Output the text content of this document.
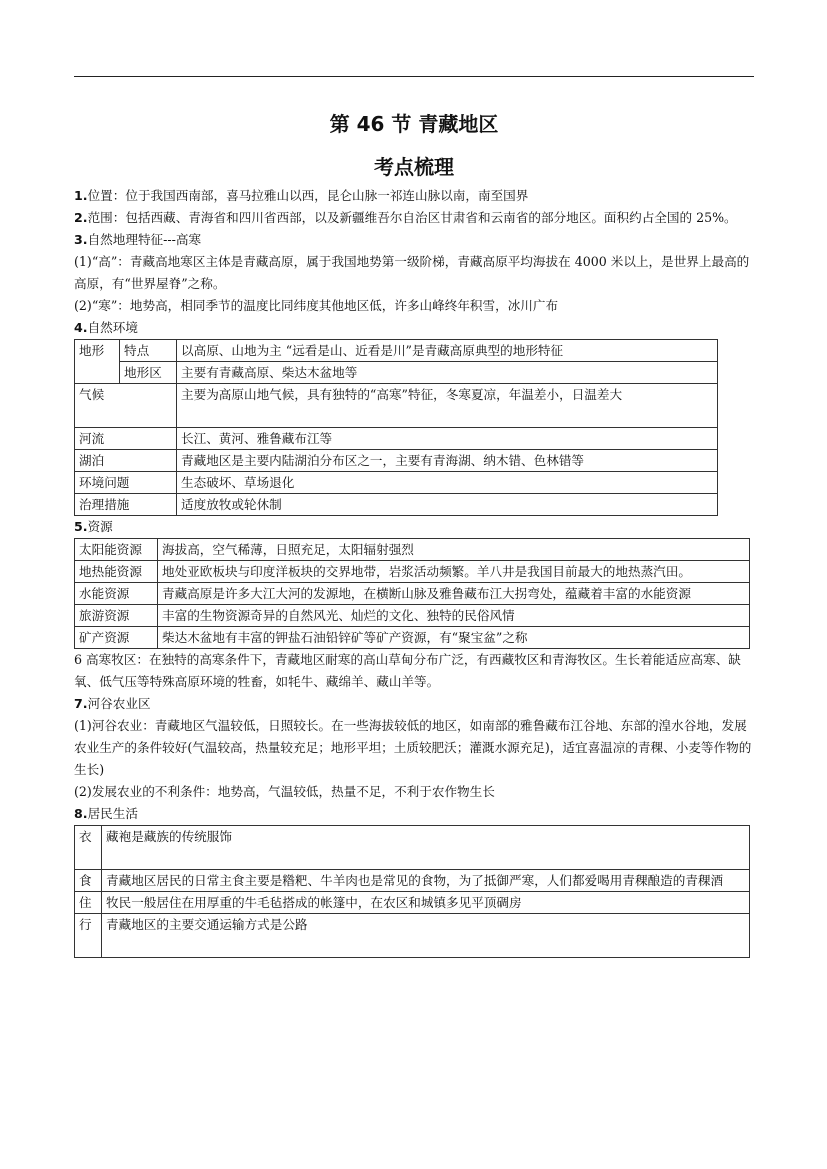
第 46 节 青藏地区
考点梳理

1.位置：位于我国西南部，喜马拉雅山以西，昆仑山脉一祁连山脉以南，南至国界

2.范围：包括西藏、青海省和四川省西部，以及新疆维吾尔自治区甘肃省和云南省的部分地区。面积约占全国的 25%。

3.自然地理特征---高寒

(1)“高”：青藏高地寒区主体是青藏高原，属于我国地势第一级阶梯，青藏高原平均海拔在 4000 米以上，是世界上最高的高原，有“世界屋脊”之称。

(2)“寒”：地势高，相同季节的温度比同纬度其他地区低，许多山峰终年积雪，冰川广布

4.自然环境

地形	特点	以高原、山地为主 “远看是山、近看是川”是青藏高原典型的地形特征
	地形区	主要有青藏高原、柴达木盆地等
气候		主要为高原山地气候，具有独特的“高寒”特征，冬寒夏凉，年温差小，日温差大
河流		长江、黄河、雅鲁藏布江等
湖泊		青藏地区是主要内陆湖泊分布区之一，主要有青海湖、纳木错、色林错等
环境问题		生态破坏、草场退化
治理措施		适度放牧或轮休制

5.资源

太阳能资源	海拔高，空气稀薄，日照充足，太阳辐射强烈
地热能资源	地处亚欧板块与印度洋板块的交界地带，岩浆活动频繁。羊八井是我国目前最大的地热蒸汽田。
水能资源	青藏高原是许多大江大河的发源地，在横断山脉及雅鲁藏布江大拐弯处，蕴藏着丰富的水能资源
旅游资源	丰富的生物资源奇异的自然风光、灿烂的文化、独特的民俗风情
矿产资源	柴达木盆地有丰富的钾盐石油铅锌矿等矿产资源，有“聚宝盆”之称

6 高寒牧区：在独特的高寒条件下，青藏地区耐寒的高山草甸分布广泛，有西藏牧区和青海牧区。生长着能适应高寒、缺氧、低气压等特殊高原环境的牲畜，如牦牛、藏绵羊、藏山羊等。

7.河谷农业区

(1)河谷农业：青藏地区气温较低，日照较长。在一些海拔较低的地区，如南部的雅鲁藏布江谷地、东部的湟水谷地，发展农业生产的条件较好(气温较高，热量较充足；地形平坦；土质较肥沃；灌溉水源充足)，适宜喜温凉的青稞、小麦等作物的生长)

(2)发展农业的不利条件：地势高，气温较低，热量不足，不利于农作物生长

8.居民生活

衣	藏袍是藏族的传统服饰
食	青藏地区居民的日常主食主要是糌粑、牛羊肉也是常见的食物，为了抵御严寒，人们都爱喝用青稞酿造的青稞酒
住	牧民一般居住在用厚重的牛毛毡搭成的帐篷中，在农区和城镇多见平顶碉房
行	青藏地区的主要交通运输方式是公路
